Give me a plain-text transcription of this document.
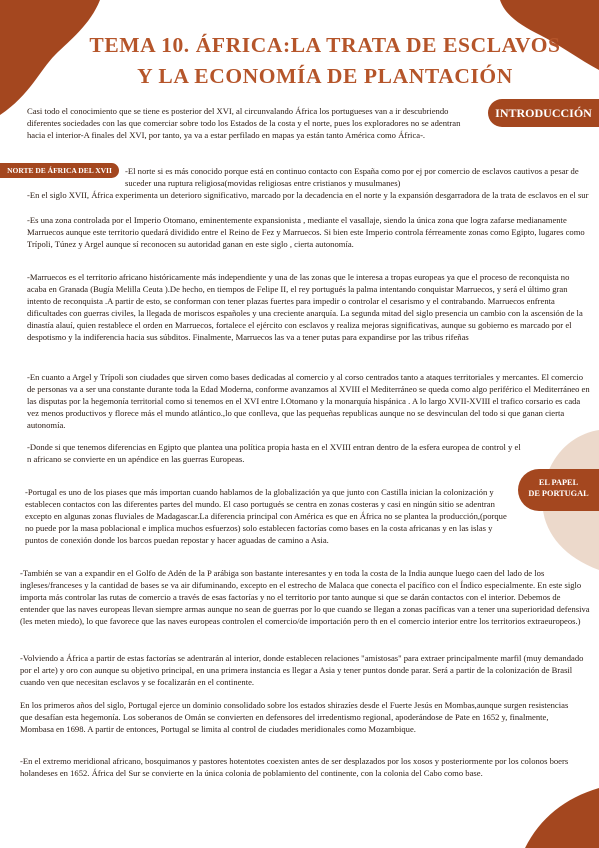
TEMA 10. ÁFRICA:LA TRATA DE ESCLAVOS
Y LA ECONOMÍA DE PLANTACIÓN
INTRODUCCIÓN
NORTE DE ÁFRICA DEL XVII
EL PAPEL
DE PORTUGAL

Casi todo el conocimiento que se tiene es posterior del XVI, al circunvalando África los portugueses van a ir descubriendo diferentes sociedades con las que comerciar sobre todo los Estados de la costa y el norte, pues los exploradores no se adentran hacia el interior-A finales del XVI, por tanto, ya va a estar perfilado en mapas ya están tanto América como África-.

-El norte si es más conocido porque está en continuo contacto con España como por ej por comercio de esclavos cautivos a pesar de suceder una ruptura religiosa(movidas religiosas entre cristianos y musulmanes)

-En el siglo XVII, África experimenta un deterioro significativo, marcado por la decadencia en el norte y la expansión desgarradora de la trata de esclavos en el sur

-Es una zona controlada por el Imperio Otomano, eminentemente expansionista , mediante el vasallaje, siendo la única zona que logra zafarse medianamente Marruecos aunque este territorio quedará dividido entre el Reino de Fez y Marruecos. Si bien este Imperio controla férreamente zonas como Egipto, lugares como Trípoli, Túnez y Argel aunque sí reconocen su autoridad ganan en este siglo , cierta autonomía.

-Marruecos es el territorio africano históricamente más independiente y una de las zonas que le interesa a tropas europeas ya que el proceso de reconquista no acaba en Granada (Bugía Melilla Ceuta ).De hecho, en tiempos de Felipe II, el rey portugués la palma intentando conquistar Marruecos, y será el último gran intento de reconquista .A partir de esto, se conforman con tener plazas fuertes para impedir o controlar el cesarismo y el contrabando. Marruecos enfrenta dificultades con guerras civiles, la llegada de moriscos españoles y una creciente anarquía. La segunda mitad del siglo presencia un cambio con la ascensión de la dinastía alauí, quien restablece el orden en Marruecos, fortalece el ejército con esclavos y realiza mejoras significativas, aunque su gobierno es marcado por el despotismo y la indiferencia hacia sus súbditos. Finalmente, Marruecos las va a tener putas para expandirse por las tribus rifeñas

-En cuanto a Argel y Trípoli son ciudades que sirven como bases dedicadas al comercio y al corso centrados tanto a ataques territoriales y mercantes. El comercio de personas va a ser una constante durante toda la Edad Moderna, conforme avanzamos al XVIII el Mediterráneo se queda como algo periférico el Mediterráneo en las disputas por la hegemonía territorial como si tenemos en el XVI entre I.Otomano y la monarquía hispánica . A lo largo XVII-XVIII el trafico corsario es cada vez menos productivos y florece más el mundo atlántico.,lo que conlleva, que las pequeñas republicas aunque no se desvinculan del todo si que ganan cierta autonomía.

-Donde si que tenemos diferencias en Egipto que plantea una política propia hasta en el XVIII entran dentro de la esfera europea de control y el n africano se convierte en un apéndice en las guerras Europeas.

-Portugal es uno de los piases que más importan cuando hablamos de la globalización ya que junto con Castilla inician la colonización y establecen contactos con las diferentes partes del mundo. El caso portugués se centra en zonas costeras y casi en ningún sitio se adentran excepto en algunas zonas fluviales de Madagascar.La diferencia principal con América es que en África no se plantea la producción,(porque no puede por la masa poblacional e implica muchos esfuerzos) solo establecen factorías como bases en la costa africanas y en las islas y puntos de conexión donde los barcos puedan repostar y hacer aguadas de camino a Asia.

-También se van a expandir en el Golfo de Adén de la P arábiga son bastante interesantes y en toda la costa de la India aunque luego caen del lado de los ingleses/franceses y la cantidad de bases se va air difuminando, excepto en el estrecho de Malaca que conecta el pacífico con el Índico especialmente. En este siglo importa más controlar las rutas de comercio a través de esas factorías y no el territorio por tanto aunque si que se darán contactos con el interior. Debemos de entender que las naves europeas llevan siempre armas aunque no sean de guerras por lo que cuando se llegan a zonas pacíficas van a tener una superioridad defensiva (les meten miedo), lo que favorece que las naves europeas controlen el comercio/de importación pero th en el comercio interior entre los territorios extraeuropeos.)

-Volviendo a África a partir de estas factorías se adentrarán al interior, donde establecen relaciones "amistosas" para extraer principalmente marfil (muy demandado por el arte) y oro con aunque su objetivo principal, en una primera instancia es llegar a Asia y tener puntos donde parar. Será a partir de la colonización de Brasil cuando ven que necesitan esclavos y se focalizarán en el continente.

En los primeros años del siglo, Portugal ejerce un dominio consolidado sobre los estados shirazíes desde el Fuerte Jesús en Mombas,aunque surgen resistencias que desafían esta hegemonía. Los soberanos de Omán se convierten en defensores del irredentismo regional, apoderándose de Pate en 1652 y, finalmente, Mombasa en 1698. A partir de entonces, Portugal se limita al control de ciudades meridionales como Mozambique.

-En el extremo meridional africano, bosquimanos y pastores hotentotes coexisten antes de ser desplazados por los xosos y posteriormente por los colonos boers holandeses en 1652. África del Sur se convierte en la única colonia de poblamiento del continente, con la colonia del Cabo como base.
